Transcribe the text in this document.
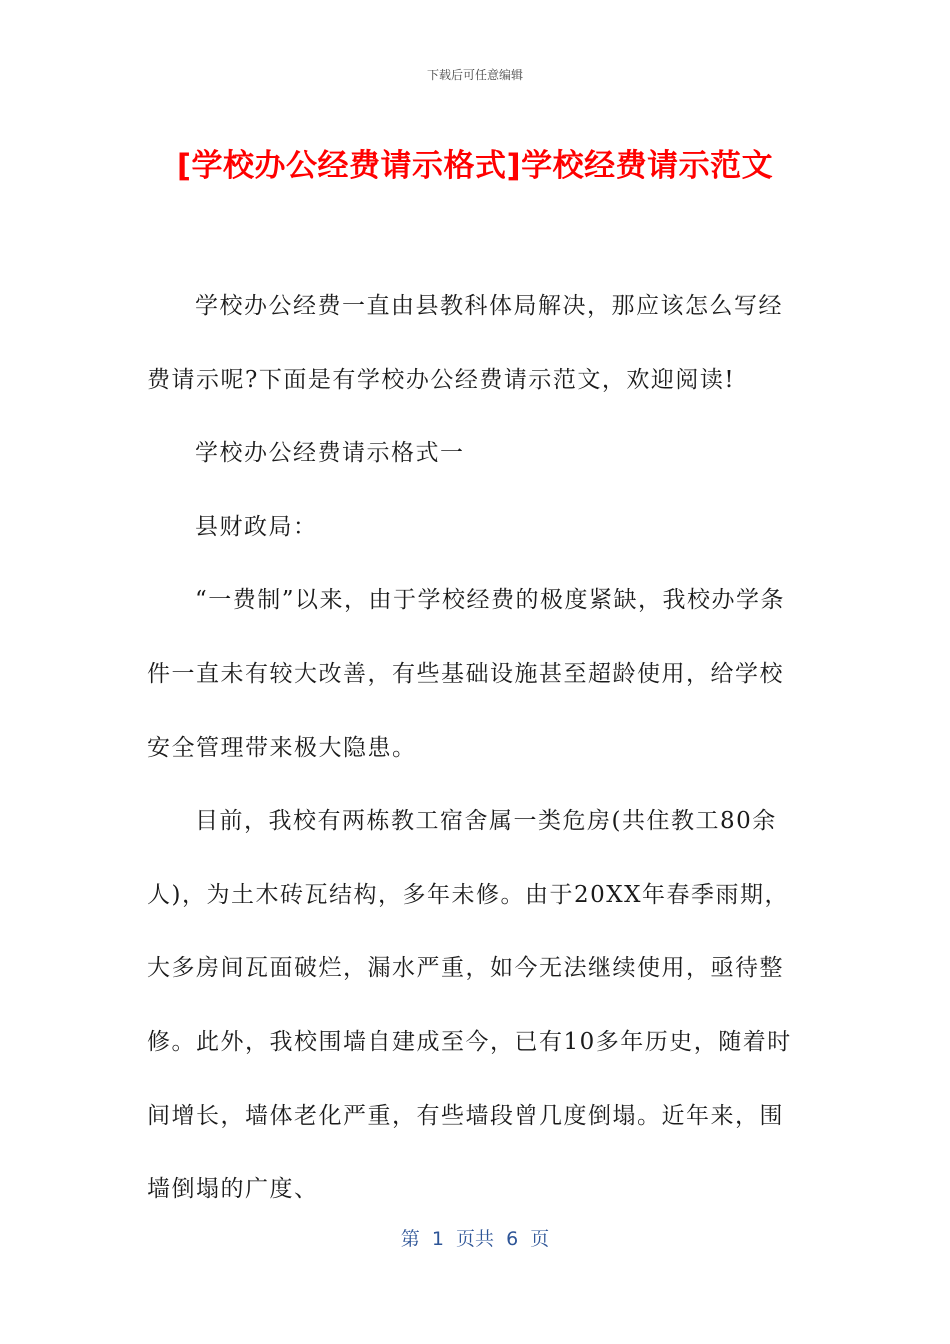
下载后可任意编辑
[学校办公经费请示格式]学校经费请示范文

学校办公经费一直由县教科体局解决，那应该怎么写经费请示呢?下面是有学校办公经费请示范文，欢迎阅读!

学校办公经费请示格式一

县财政局：

“一费制”以来，由于学校经费的极度紧缺，我校办学条件一直未有较大改善，有些基础设施甚至超龄使用，给学校安全管理带来极大隐患。

目前，我校有两栋教工宿舍属一类危房(共住教工80余人)，为土木砖瓦结构，多年未修。由于20XX年春季雨期，大多房间瓦面破烂，漏水严重，如今无法继续使用，亟待整修。此外，我校围墙自建成至今，已有10多年历史，随着时间增长，墙体老化严重，有些墙段曾几度倒塌。近年来，围墙倒塌的广度、

第  1  页共  6  页
